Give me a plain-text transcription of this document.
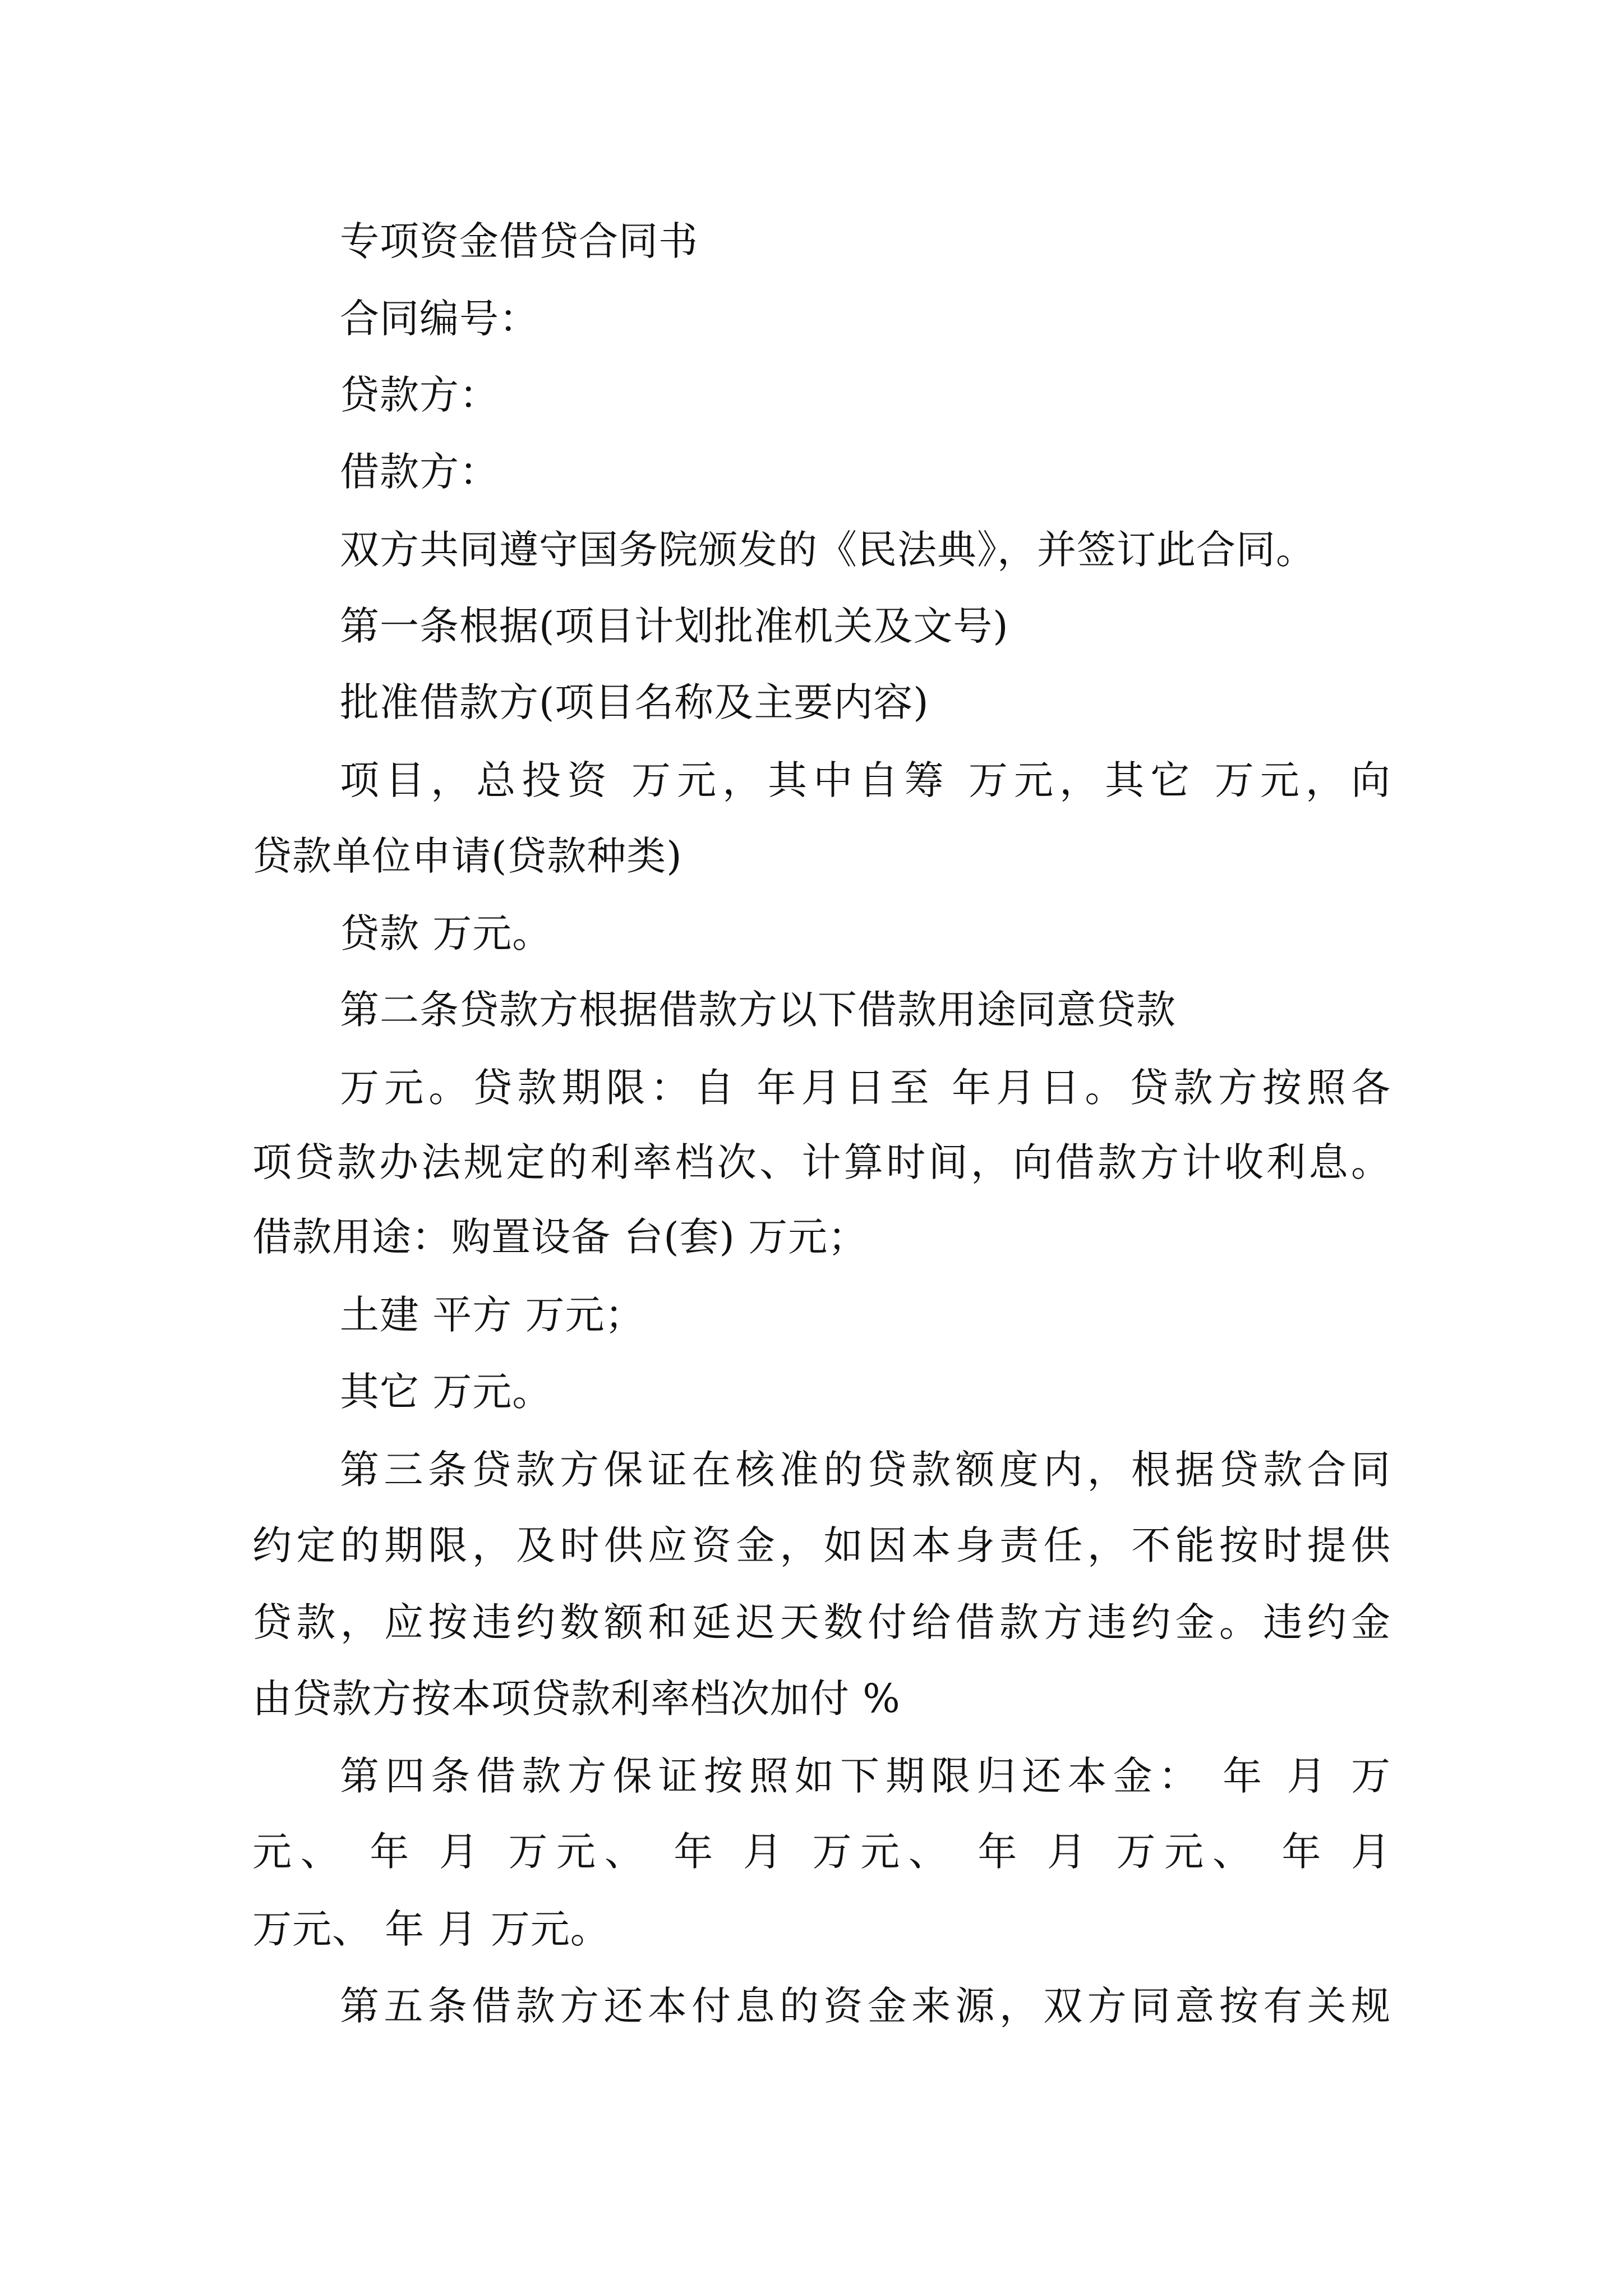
专项资金借贷合同书
合同编号：
贷款方：
借款方：
双方共同遵守国务院颁发的《民法典》，并签订此合同。
第一条根据(项目计划批准机关及文号)
批准借款方(项目名称及主要内容)
项目，总投资 万元，其中自筹 万元，其它 万元，向
贷款单位申请(贷款种类)
贷款 万元。
第二条贷款方根据借款方以下借款用途同意贷款
万元。贷款期限：自 年月日至 年月日。贷款方按照各
项贷款办法规定的利率档次、计算时间，向借款方计收利息。
借款用途：购置设备 台(套) 万元；
土建 平方 万元；
其它 万元。
第三条贷款方保证在核准的贷款额度内，根据贷款合同
约定的期限，及时供应资金，如因本身责任，不能按时提供
贷款，应按违约数额和延迟天数付给借款方违约金。违约金
由贷款方按本项贷款利率档次加付 %
第四条借款方保证按照如下期限归还本金： 年 月 万
元、 年 月 万元、 年 月 万元、 年 月 万元、 年 月
万元、 年 月 万元。
第五条借款方还本付息的资金来源，双方同意按有关规
